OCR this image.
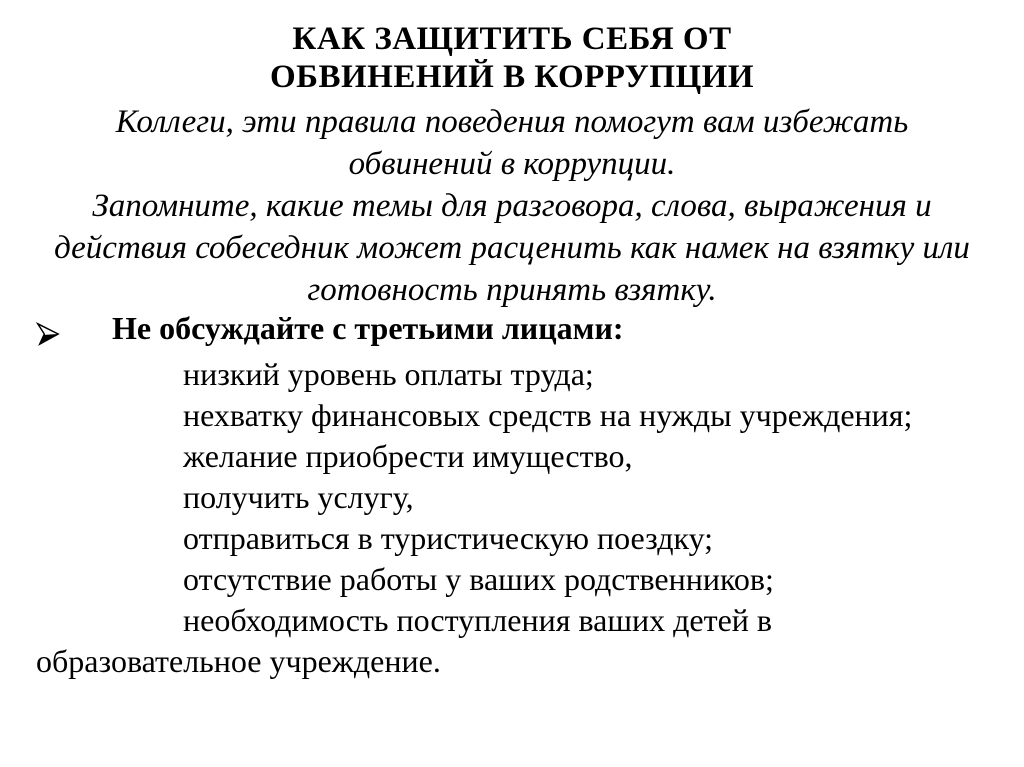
КАК ЗАЩИТИТЬ СЕБЯ ОТ
ОБВИНЕНИЙ В КОРРУПЦИИ
Коллеги, эти правила поведения помогут вам избежать
обвинений в коррупции.
Запомните, какие темы для разговора, слова, выражения и
действия собеседник может расценить как намек на взятку или
готовность принять взятку.
Не обсуждайте с третьими лицами:
низкий уровень оплаты труда;
нехватку финансовых средств на нужды учреждения;
желание приобрести имущество,
получить услугу,
отправиться в туристическую поездку;
отсутствие работы у ваших родственников;
необходимость поступления ваших детей в
образовательное учреждение.
